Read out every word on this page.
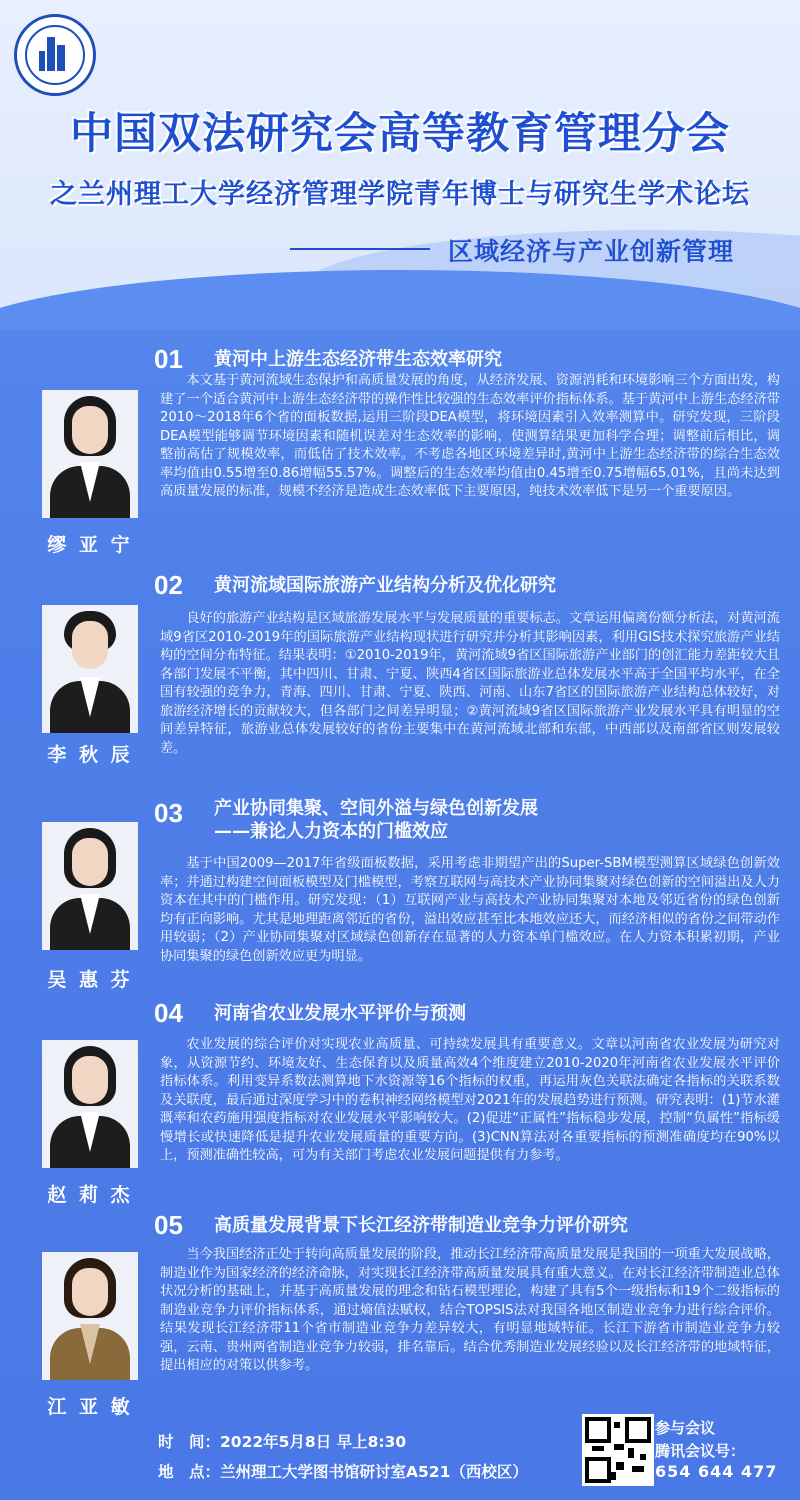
中国双法研究会高等教育管理分会
之兰州理工大学经济管理学院青年博士与研究生学术论坛
区域经济与产业创新管理
01 黄河中上游生态经济带生态效率研究
缪 亚 宁
本文基于黄河流域生态保护和高质量发展的角度，从经济发展、资源消耗和环境影响三个方面出发，构建了一个适合黄河中上游生态经济带的操作性比较强的生态效率评价指标体系。基于黄河中上游生态经济带2010～2018年6个省的面板数据,运用三阶段DEA模型，将环境因素引入效率测算中。研究发现，三阶段DEA模型能够调节环境因素和随机误差对生态效率的影响，使测算结果更加科学合理；调整前后相比，调整前高估了规模效率，而低估了技术效率。不考虑各地区环境差异时,黄河中上游生态经济带的综合生态效率均值由0.55增至0.86增幅55.57%。调整后的生态效率均值由0.45增至0.75增幅65.01%，且尚未达到高质量发展的标准，规模不经济是造成生态效率低下主要原因，纯技术效率低下是另一个重要原因。
02 黄河流域国际旅游产业结构分析及优化研究
李 秋 辰
良好的旅游产业结构是区域旅游发展水平与发展质量的重要标志。文章运用偏离份额分析法，对黄河流域9省区2010-2019年的国际旅游产业结构现状进行研究并分析其影响因素，利用GIS技术探究旅游产业结构的空间分布特征。结果表明：①2010-2019年，黄河流域9省区国际旅游产业部门的创汇能力差距较大且各部门发展不平衡，其中四川、甘肃、宁夏、陕西4省区国际旅游业总体发展水平高于全国平均水平，在全国有较强的竞争力，青海、四川、甘肃、宁夏、陕西、河南、山东7省区的国际旅游产业结构总体较好，对旅游经济增长的贡献较大，但各部门之间差异明显；②黄河流域9省区国际旅游产业发展水平具有明显的空间差异特征，旅游业总体发展较好的省份主要集中在黄河流域北部和东部，中西部以及南部省区则发展较差。
03 产业协同集聚、空间外溢与绿色创新发展
——兼论人力资本的门槛效应
吴 惠 芬
基于中国2009—2017年省级面板数据，采用考虑非期望产出的Super-SBM模型测算区域绿色创新效率；并通过构建空间面板模型及门槛模型，考察互联网与高技术产业协同集聚对绿色创新的空间溢出及人力资本在其中的门槛作用。研究发现：（1）互联网产业与高技术产业协同集聚对本地及邻近省份的绿色创新均有正向影响。尤其是地理距离邻近的省份，溢出效应甚至比本地效应还大，而经济相似的省份之间带动作用较弱；（2）产业协同集聚对区域绿色创新存在显著的人力资本单门槛效应。在人力资本积累初期，产业协同集聚的绿色创新效应更为明显。
04 河南省农业发展水平评价与预测
赵 莉 杰
农业发展的综合评价对实现农业高质量、可持续发展具有重要意义。文章以河南省农业发展为研究对象，从资源节约、环境友好、生态保育以及质量高效4个维度建立2010-2020年河南省农业发展水平评价指标体系。利用变异系数法测算地下水资源等16个指标的权重，再运用灰色关联法确定各指标的关联系数及关联度，最后通过深度学习中的卷积神经网络模型对2021年的发展趋势进行预测。研究表明：(1)节水灌溉率和农药施用强度指标对农业发展水平影响较大。(2)促进“正属性”指标稳步发展，控制“负属性”指标缓慢增长或快速降低是提升农业发展质量的重要方向。(3)CNN算法对各重要指标的预测准确度均在90%以上，预测准确性较高，可为有关部门考虑农业发展问题提供有力参考。
05 高质量发展背景下长江经济带制造业竞争力评价研究
江 亚 敏
当今我国经济正处于转向高质量发展的阶段，推动长江经济带高质量发展是我国的一项重大发展战略，制造业作为国家经济的经济命脉，对实现长江经济带高质量发展具有重大意义。在对长江经济带制造业总体状况分析的基础上，并基于高质量发展的理念和钻石模型理论，构建了具有5个一级指标和19个二级指标的制造业竞争力评价指标体系，通过熵值法赋权，结合TOPSIS法对我国各地区制造业竞争力进行综合评价。结果发现长江经济带11个省市制造业竞争力差异较大，有明显地域特征。长江下游省市制造业竞争力较强，云南、贵州两省制造业竞争力较弱，排名靠后。结合优秀制造业发展经验以及长江经济带的地域特征，提出相应的对策以供参考。
时　间：2022年5月8日 早上8:30
地　点：兰州理工大学图书馆研讨室A521（西校区）
参与会议
腾讯会议号：
654 644 477
